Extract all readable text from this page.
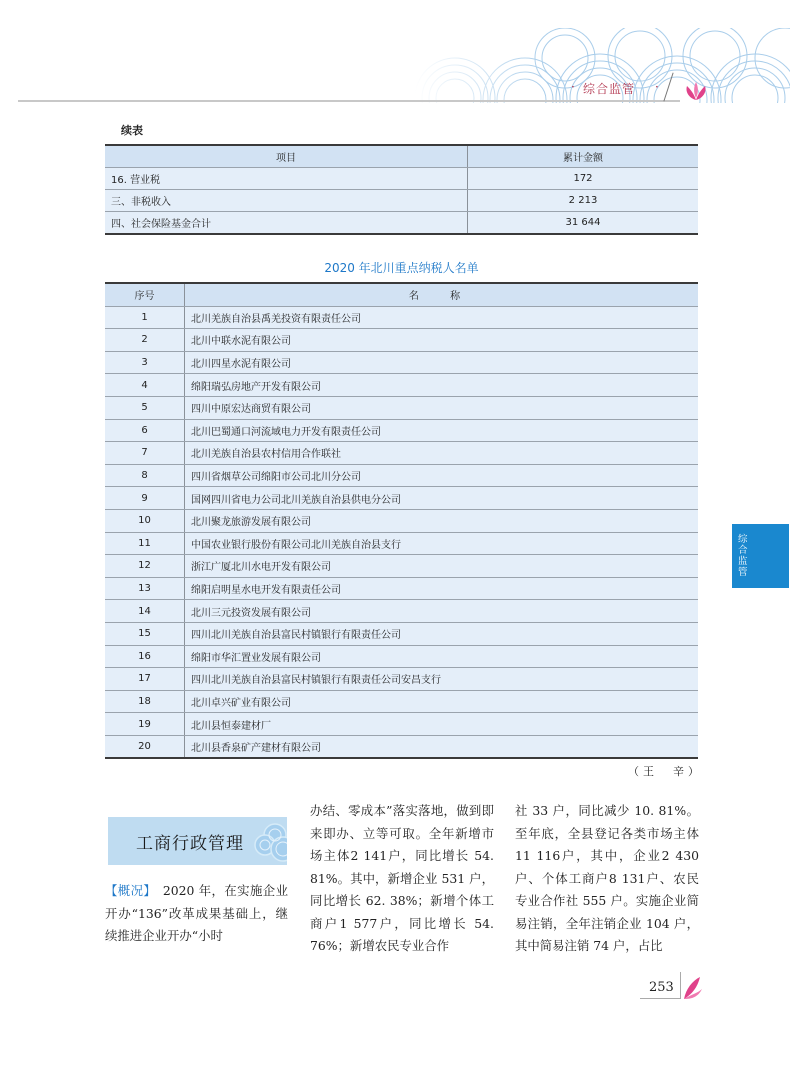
· 综合监管 ·
续表
项目	累计金额
16. 营业税	172
三、非税收入	2 213
四、社会保险基金合计	31 644
2020 年北川重点纳税人名单
序号	名 称
1	北川羌族自治县禹羌投资有限责任公司
2	北川中联水泥有限公司
3	北川四星水泥有限公司
4	绵阳瑞弘房地产开发有限公司
5	四川中原宏达商贸有限公司
6	北川巴蜀通口河流域电力开发有限责任公司
7	北川羌族自治县农村信用合作联社
8	四川省烟草公司绵阳市公司北川分公司
9	国网四川省电力公司北川羌族自治县供电分公司
10	北川聚龙旅游发展有限公司
11	中国农业银行股份有限公司北川羌族自治县支行
12	浙江广厦北川水电开发有限公司
13	绵阳启明星水电开发有限责任公司
14	北川三元投资发展有限公司
15	四川北川羌族自治县富民村镇银行有限责任公司
16	绵阳市华汇置业发展有限公司
17	四川北川羌族自治县富民村镇银行有限责任公司安昌支行
18	北川卓兴矿业有限公司
19	北川县恒泰建材厂
20	北川县香泉矿产建材有限公司
（王　辛）
工商行政管理
【概况】　2020 年，在实施企业开办“136”改革成果基础上，继续推进企业开办“小时
办结、零成本”落实落地，做到即来即办、立等可取。全年新增市场主体2 141户，同比增长 54. 81%。其中，新增企业 531 户，同比增长 62. 38%；新增个体工商户1 577户，同比增长 54. 76%；新增农民专业合作
社 33 户，同比减少 10. 81%。至年底，全县登记各类市场主体11 116户，其中，企业2 430户、个体工商户8 131户、农民专业合作社 555 户。实施企业简易注销，全年注销企业 104 户，其中简易注销 74 户，占比
综合监管
253
